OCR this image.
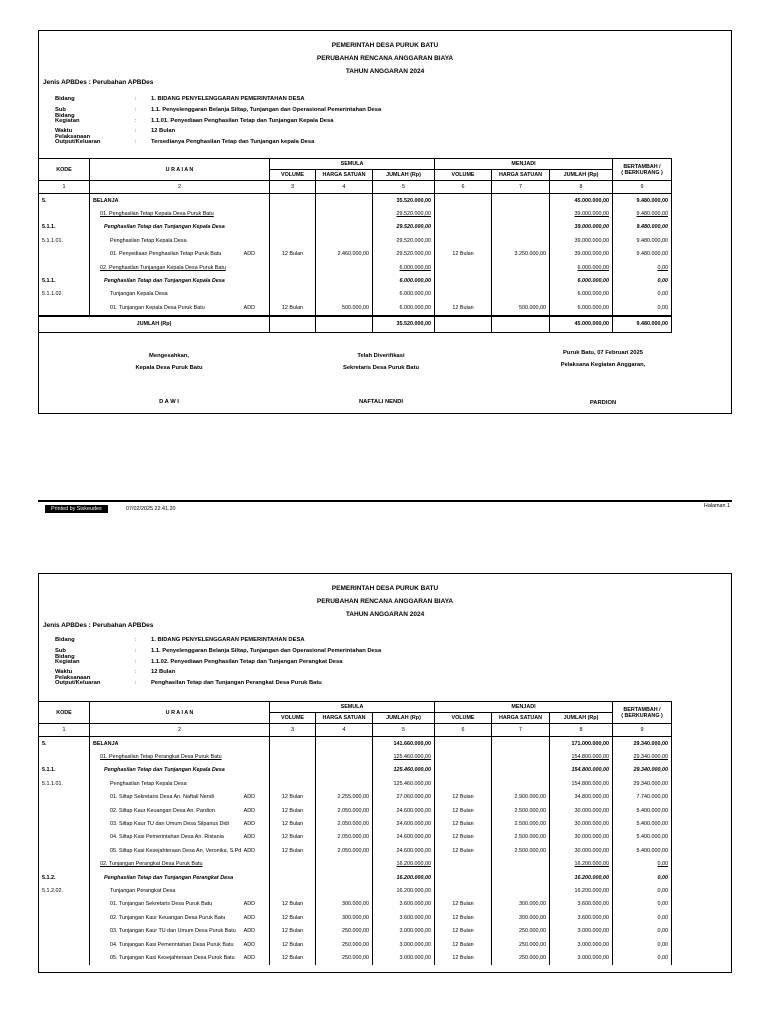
PEMERINTAH DESA PURUK BATU
PERUBAHAN RENCANA ANGGARAN BIAYA
TAHUN ANGGARAN 2024
Jenis APBDes : Perubahan APBDes
Bidang	: 1. BIDANG PENYELENGGARAN PEMERINTAHAN DESA
Sub Bidang
: 1.1. Penyelenggaran Belanja Siltap, Tunjangan dan Operasional Pemerintahan Desa
Kegiatan	: 1.1.01. Penyediaan Penghasilan Tetap dan Tunjangan Kepala Desa
Waktu Pelaksanaan
: 12 Bulan
Output/Keluaran	: Tersedianya Penghasilan Tetap dan Tunjangan kepala Desa
KODE	U R A I A N	SEMULA			MENJADI			BERTAMBAH /
( BERKURANG )

		VOLUME	HARGA SATUAN	JUMLAH (Rp)	VOLUME	HARGA SATUAN	JUMLAH (Rp)	
1	2	3	4	5	6	7	8	9
5.	BELANJA			35.520.000,00			45.000.000,00	9.480.000,00
	01. Penghasilan Tetap Kepala Desa Puruk Batu			29.520.000,00			39.000.000,00	9.480.000,00
5.1.1.	Penghasilan Tetap dan Tunjangan Kepala Desa			29.520.000,00			39.000.000,00	9.480.000,00
5.1.1.01.	Penghasilan Tetap Kepala Desa			29.520.000,00			39.000.000,00	9.480.000,00
	01. Penyediaan Penghasilan Tetap Puruk Batu ADD	12 Bulan	2.460.000,00	29.520.000,00	12 Bulan	3.250.000,00	39.000.000,00	9.480.000,00
	02. Penghasilan Tunjangan Kepala Desa Puruk Batu			6.000.000,00			6.000.000,00	0,00
5.1.1.	Penghasilan Tetap dan Tunjangan Kepala Desa			6.000.000,00			6.000.000,00	0,00
5.1.1.02.	Tunjangan Kepala Desa			6.000.000,00			6.000.000,00	0,00
	01. Tunjangan Kepala Desa Puruk Batu ADD	12 Bulan	500.000,00	6.000.000,00	12 Bulan	500.000,00	6.000.000,00	0,00
JUMLAH (Rp)				35.520.000,00			45.000.000,00	9.480.000,00
Mengesahkan,
Kepala Desa Puruk Batu
D A W I
Telah Diverifikasi
Sekretaris Desa Puruk Batu
NAFTALI NENDI
Puruk Batu, 07 Februari 2025
Pelaksana Kegiatan Anggaran,
PARDION
Printed by Siskeudes	07/02/2025 22.41.20	Halaman 1
PEMERINTAH DESA PURUK BATU
PERUBAHAN RENCANA ANGGARAN BIAYA
TAHUN ANGGARAN 2024
Jenis APBDes : Perubahan APBDes
Bidang	: 1. BIDANG PENYELENGGARAN PEMERINTAHAN DESA
Sub Bidang
: 1.1. Penyelenggaran Belanja Siltap, Tunjangan dan Operasional Pemerintahan Desa
Kegiatan	: 1.1.02. Penyediaan Penghasilan Tetap dan Tunjangan Perangkat Desa
Waktu Pelaksanaan
: 12 Bulan
Output/Keluaran	: Penghasilan Tetap dan Tunjangan Perangkat Desa Puruk Batu
KODE	U R A I A N	SEMULA			MENJADI			BERTAMBAH /
( BERKURANG )

		VOLUME	HARGA SATUAN	JUMLAH (Rp)	VOLUME	HARGA SATUAN	JUMLAH (Rp)	
1	2	3	4	5	6	7	8	9
5.	BELANJA			141.660.000,00			171.000.000,00	29.340.000,00
	01. Penghasilan Tetap Perangkat Desa Puruk Batu			125.460.000,00			154.800.000,00	29.340.000,00
5.1.1.	Penghasilan Tetap dan Tunjangan Kepala Desa			125.460.000,00			154.800.000,00	29.340.000,00
5.1.1.01.	Penghasilan Tetap Kepala Desa			125.460.000,00			154.800.000,00	29.340.000,00
	01. Siltap Sekretaris Desa An. Naftali Nendi ADD	12 Bulan	2.255.000,00	27.060.000,00	12 Bulan	2.900.000,00	34.800.000,00	7.740.000,00
	02. Siltap Kaur Keuangan Desa An. Pardion ADD	12 Bulan	2.050.000,00	24.600.000,00	12 Bulan	2.500.000,00	30.000.000,00	5.400.000,00
	03. Siltap Kaur TU dan Umum Desa Silpanus Didi ADD	12 Bulan	2.050.000,00	24.600.000,00	12 Bulan	2.500.000,00	30.000.000,00	5.400.000,00
	04. Siltap Kasi Pemerintahan Desa An. Ristania ADD	12 Bulan	2.050.000,00	24.600.000,00	12 Bulan	2.500.000,00	30.000.000,00	5.400.000,00
	05. Siltap Kasi Kesejahteraan Desa An. Veronika, S.Pd ADD	12 Bulan	2.050.000,00	24.600.000,00	12 Bulan	2.500.000,00	30.000.000,00	5.400.000,00
	02. Tunjangan Perangkat Desa Puruk Batu			16.200.000,00			16.200.000,00	0,00
5.1.2.	Penghasilan Tetap dan Tunjangan Perangkat Desa			16.200.000,00			16.200.000,00	0,00
5.1.2.02.	Tunjangan Perangkat Desa			16.200.000,00			16.200.000,00	0,00
	01. Tunjangan Sekretaris Desa Puruk Batu ADD	12 Bulan	300.000,00	3.600.000,00	12 Bulan	300.000,00	3.600.000,00	0,00
	02. Tunjangan Kaur Keuangan Desa Puruk Batu ADD	12 Bulan	300.000,00	3.600.000,00	12 Bulan	300.000,00	3.600.000,00	0,00
	03. Tunjangan Kaur TU dan Umum Desa Puruk Batu ADD	12 Bulan	250.000,00	3.000.000,00	12 Bulan	250.000,00	3.000.000,00	0,00
	04. Tunjangan Kasi Pemerintahan Desa Puruk Batu ADD	12 Bulan	250.000,00	3.000.000,00	12 Bulan	250.000,00	3.000.000,00	0,00
	05. Tunjangan Kasi Kesejahteraan Desa Puruk Batu ADD	12 Bulan	250.000,00	3.000.000,00	12 Bulan	250.000,00	3.000.000,00	0,00
